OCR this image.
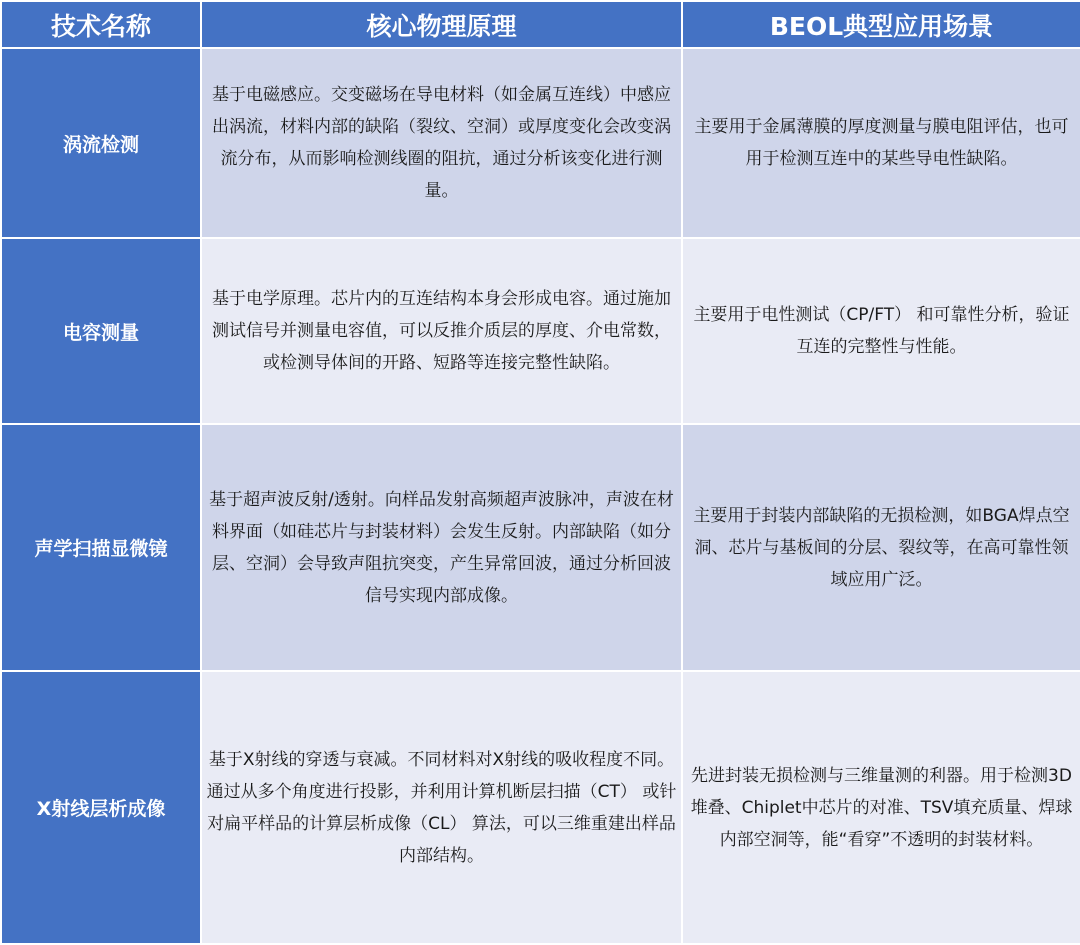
技术名称	核心物理原理	BEOL典型应用场景
涡流检测	基于电磁感应。交变磁场在导电材料（如金属互连线）中感应出涡流，材料内部的缺陷（裂纹、空洞）或厚度变化会改变涡流分布，从而影响检测线圈的阻抗，通过分析该变化进行测量。	主要用于金属薄膜的厚度测量与膜电阻评估，也可用于检测互连中的某些导电性缺陷。
电容测量	基于电学原理。芯片内的互连结构本身会形成电容。通过施加测试信号并测量电容值，可以反推介质层的厚度、介电常数，或检测导体间的开路、短路等连接完整性缺陷。	主要用于电性测试（CP/FT） 和可靠性分析，验证互连的完整性与性能。
声学扫描显微镜	基于超声波反射/透射。向样品发射高频超声波脉冲，声波在材料界面（如硅芯片与封装材料）会发生反射。内部缺陷（如分层、空洞）会导致声阻抗突变，产生异常回波，通过分析回波信号实现内部成像。	主要用于封装内部缺陷的无损检测，如BGA焊点空洞、芯片与基板间的分层、裂纹等，在高可靠性领域应用广泛。
X射线层析成像	基于X射线的穿透与衰减。不同材料对X射线的吸收程度不同。通过从多个角度进行投影，并利用计算机断层扫描（CT） 或针对扁平样品的计算层析成像（CL） 算法，可以三维重建出样品内部结构。	先进封装无损检测与三维量测的利器。用于检测3D堆叠、Chiplet中芯片的对准、TSV填充质量、焊球内部空洞等，能“看穿”不透明的封装材料。
